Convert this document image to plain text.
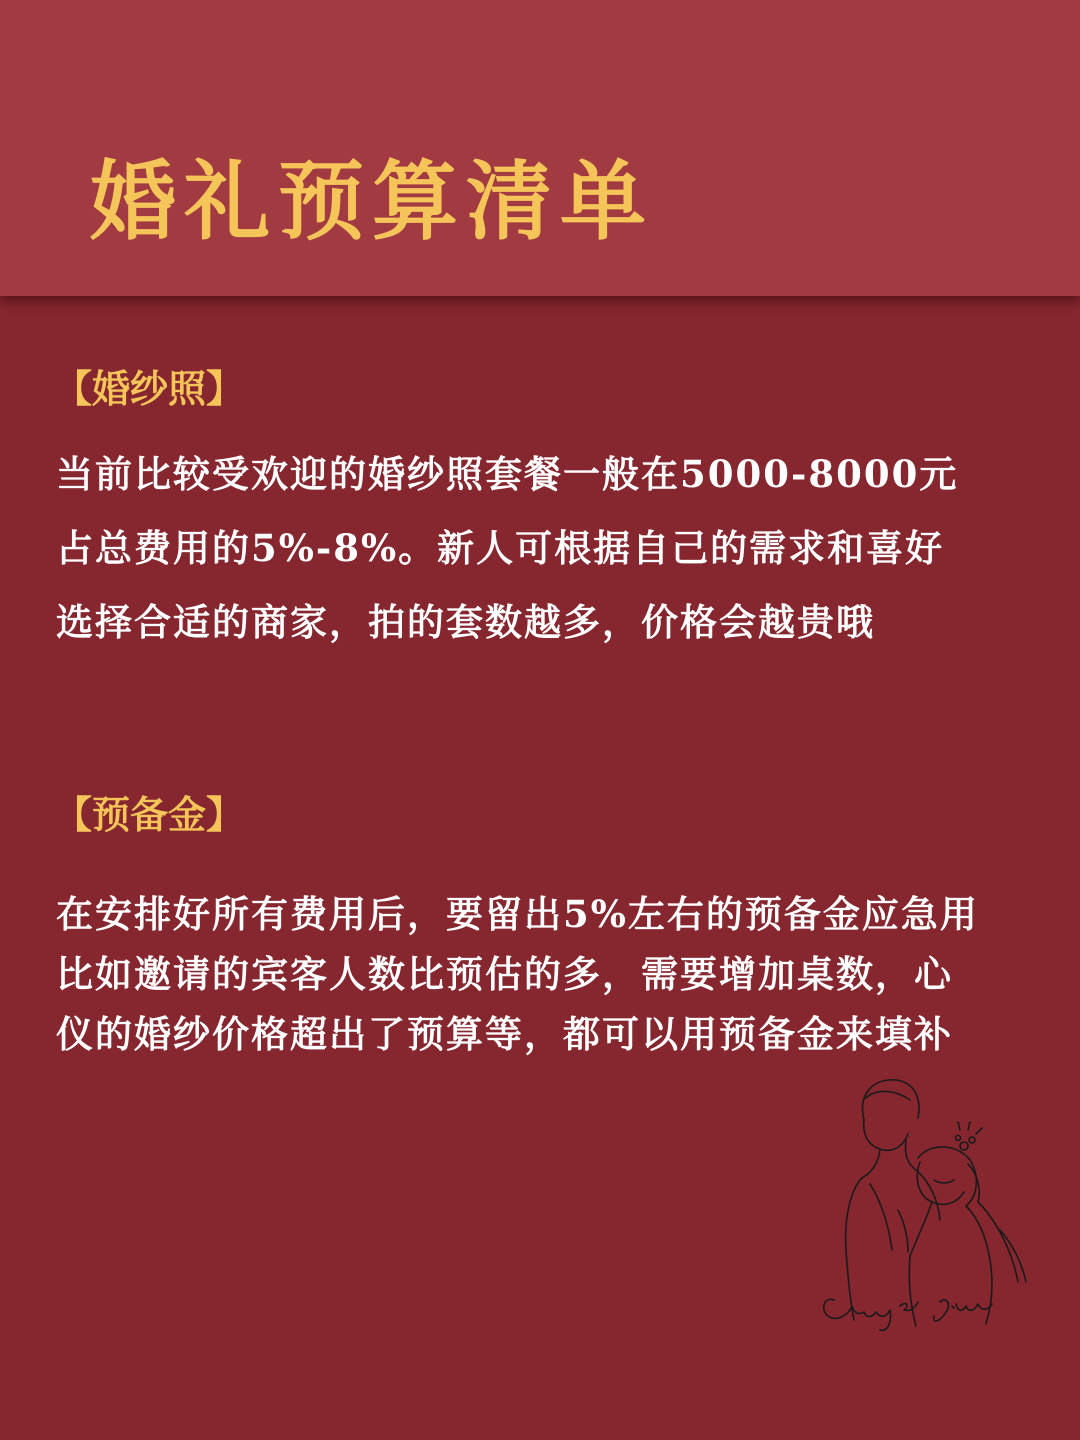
婚礼预算清单
【婚纱照】
当前比较受欢迎的婚纱照套餐一般在5000-8000元
占总费用的5%-8%。新人可根据自己的需求和喜好
选择合适的商家，拍的套数越多，价格会越贵哦
【预备金】
在安排好所有费用后，要留出5%左右的预备金应急用
比如邀请的宾客人数比预估的多，需要增加桌数，心
仪的婚纱价格超出了预算等，都可以用预备金来填补
